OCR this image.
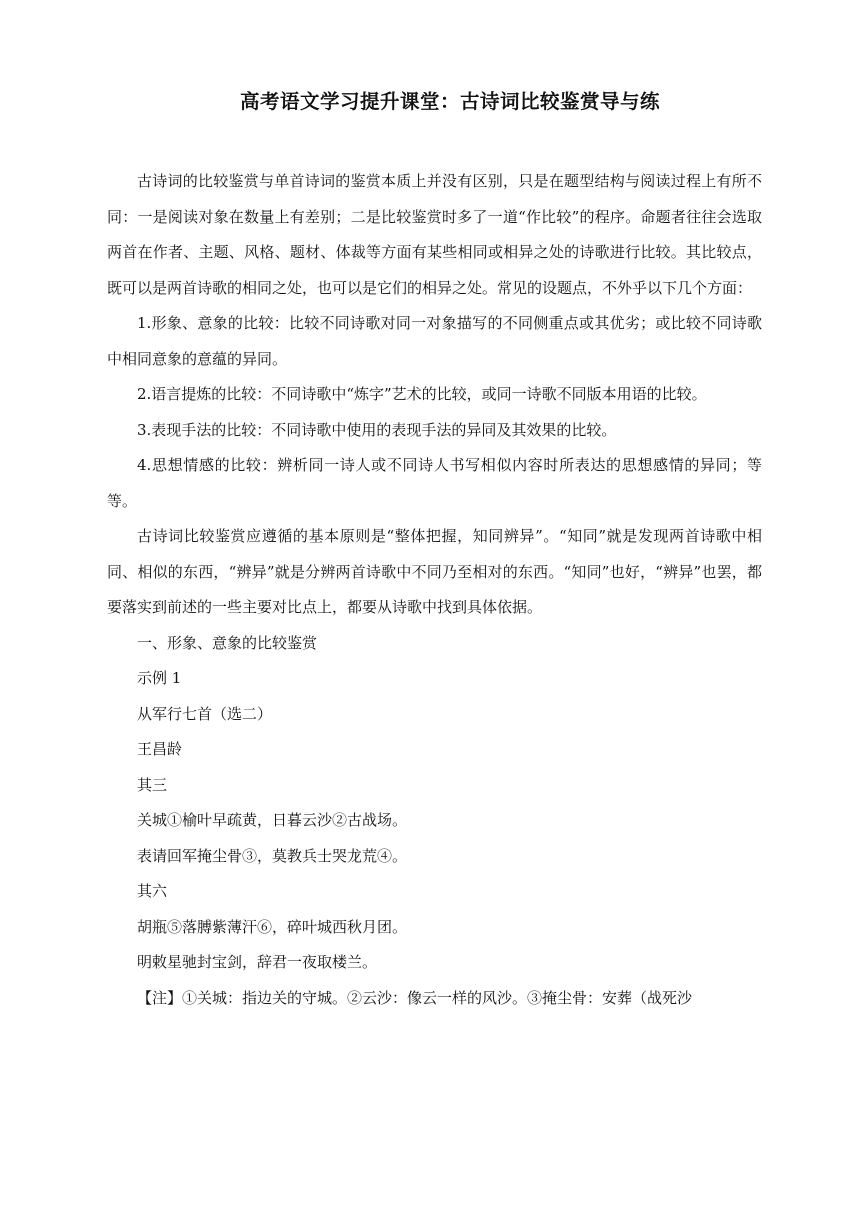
高考语文学习提升课堂：古诗词比较鉴赏导与练

古诗词的比较鉴赏与单首诗词的鉴赏本质上并没有区别，只是在题型结构与阅读过程上有所不同：一是阅读对象在数量上有差别；二是比较鉴赏时多了一道“作比较”的程序。命题者往往会选取两首在作者、主题、风格、题材、体裁等方面有某些相同或相异之处的诗歌进行比较。其比较点，既可以是两首诗歌的相同之处，也可以是它们的相异之处。常见的设题点，不外乎以下几个方面：

1.形象、意象的比较：比较不同诗歌对同一对象描写的不同侧重点或其优劣；或比较不同诗歌中相同意象的意蕴的异同。

2.语言提炼的比较：不同诗歌中“炼字”艺术的比较，或同一诗歌不同版本用语的比较。

3.表现手法的比较：不同诗歌中使用的表现手法的异同及其效果的比较。

4.思想情感的比较：辨析同一诗人或不同诗人书写相似内容时所表达的思想感情的异同；等等。

古诗词比较鉴赏应遵循的基本原则是“整体把握，知同辨异”。“知同”就是发现两首诗歌中相同、相似的东西，“辨异”就是分辨两首诗歌中不同乃至相对的东西。“知同”也好，“辨异”也罢，都要落实到前述的一些主要对比点上，都要从诗歌中找到具体依据。

一、形象、意象的比较鉴赏

示例 1

从军行七首（选二）

王昌龄

其三

关城①榆叶早疏黄，日暮云沙②古战场。

表请回军掩尘骨③，莫教兵士哭龙荒④。

其六

胡瓶⑤落膊紫薄汗⑥，碎叶城西秋月团。

明敕星驰封宝剑，辞君一夜取楼兰。

【注】①关城：指边关的守城。②云沙：像云一样的风沙。③掩尘骨：安葬（战死沙
